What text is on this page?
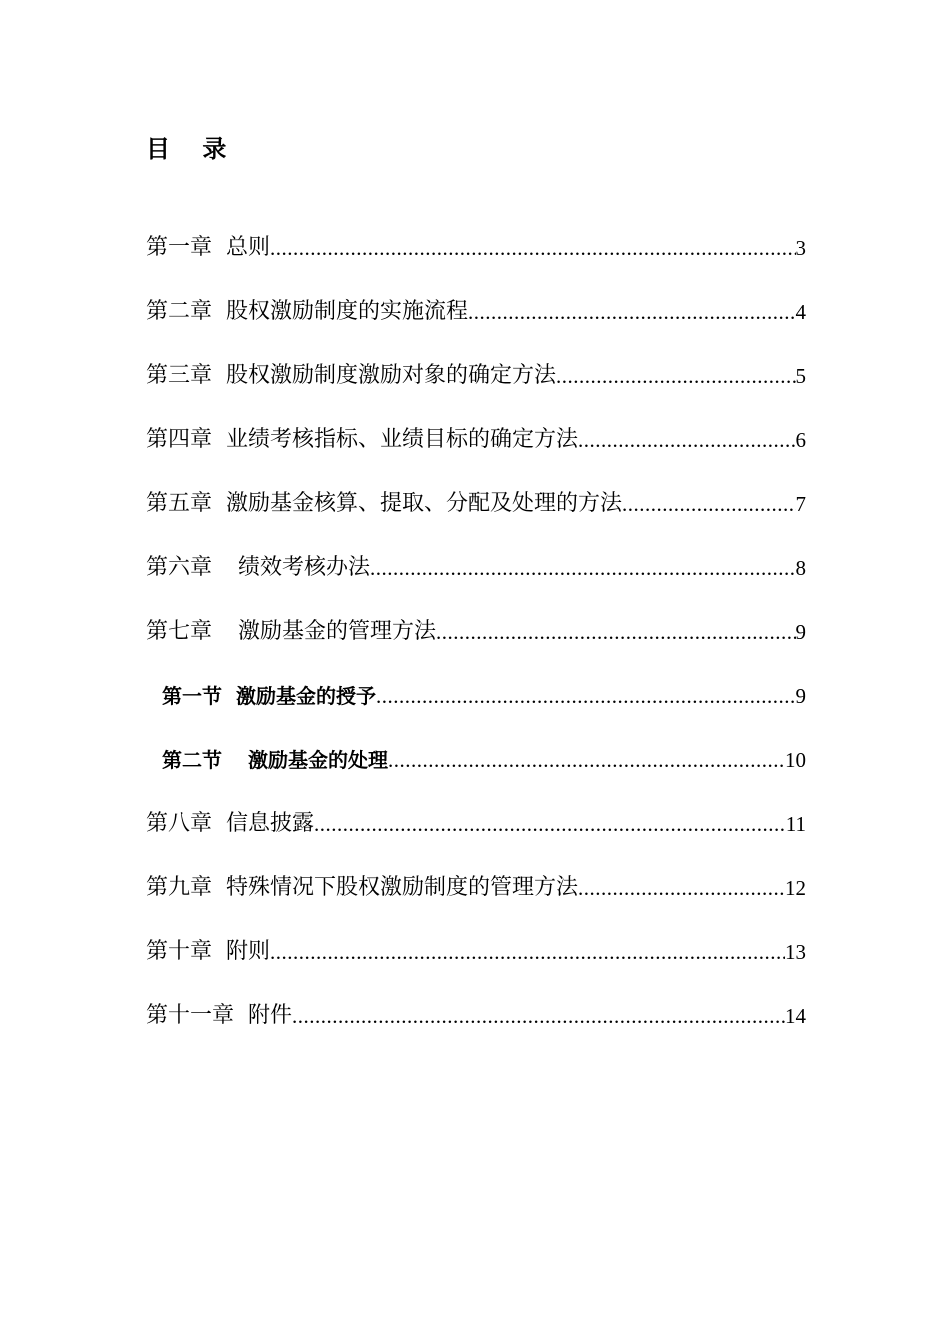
目 录
第一章 总则 .....	3
第二章 股权激励制度的实施流程 .....	4
第三章 股权激励制度激励对象的确定方法 .....	5
第四章 业绩考核指标、业绩目标的确定方法 .....	6
第五章 激励基金核算、提取、分配及处理的方法 .....	7
第六章 绩效考核办法 .....	8
第七章 激励基金的管理方法 .....	9
第一节 激励基金的授予 .....	9
第二节 激励基金的处理 .....	10
第八章 信息披露 .....	11
第九章 特殊情况下股权激励制度的管理方法 .....	12
第十章 附则 .....	13
第十一章 附件 .....	14
